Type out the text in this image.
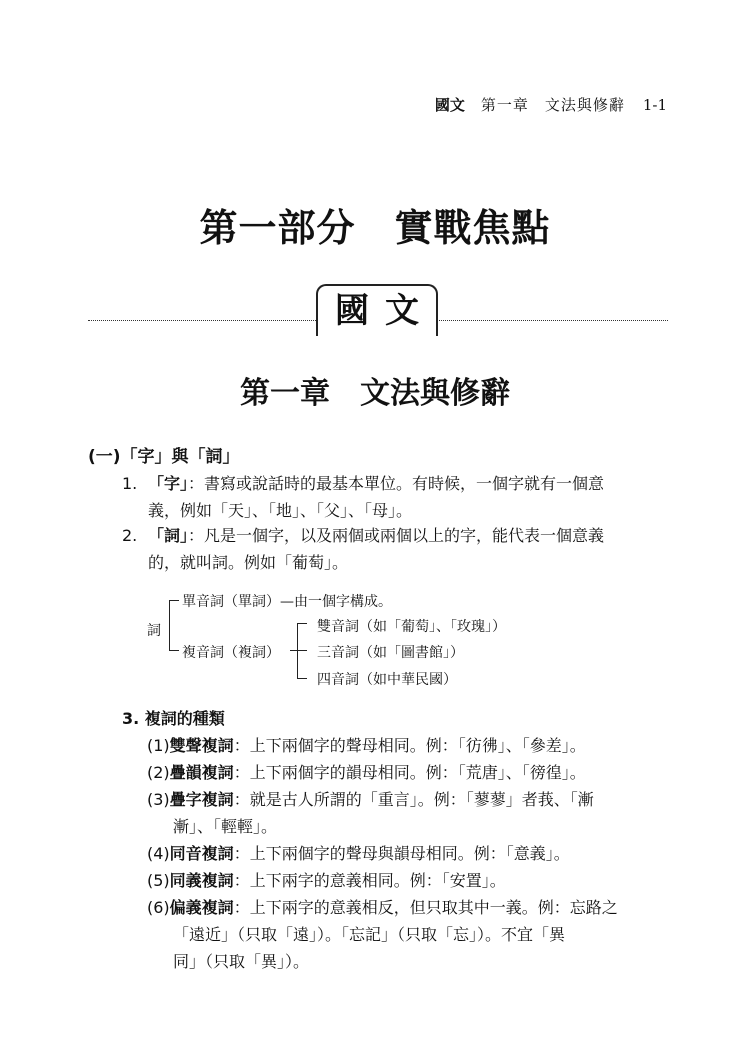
國文 第一章　文法與修辭 1-1
第一部分　實戰焦點
國文
第一章　文法與修辭
(一)「字」與「詞」
1. 「字」：書寫或說話時的最基本單位。有時候，一個字就有一個意
義，例如「天」、「地」、「父」、「母」。
2. 「詞」：凡是一個字，以及兩個或兩個以上的字，能代表一個意義
的，就叫詞。例如「葡萄」。
詞
單音詞（單詞）—由一個字構成。
複音詞（複詞）
雙音詞（如「葡萄」、「玫瑰」）
三音詞（如「圖書館」）
四音詞（如中華民國）
3. 複詞的種類
(1)雙聲複詞：上下兩個字的聲母相同。例：「彷彿」、「參差」。
(2)疊韻複詞：上下兩個字的韻母相同。例：「荒唐」、「徬徨」。
(3)疊字複詞：就是古人所謂的「重言」。例：「蓼蓼」者莪、「漸
漸」、「輕輕」。
(4)同音複詞：上下兩個字的聲母與韻母相同。例：「意義」。
(5)同義複詞：上下兩字的意義相同。例：「安置」。
(6)偏義複詞：上下兩字的意義相反，但只取其中一義。例：忘路之
「遠近」（只取「遠」）。「忘記」（只取「忘」）。不宜「異
同」（只取「異」）。
